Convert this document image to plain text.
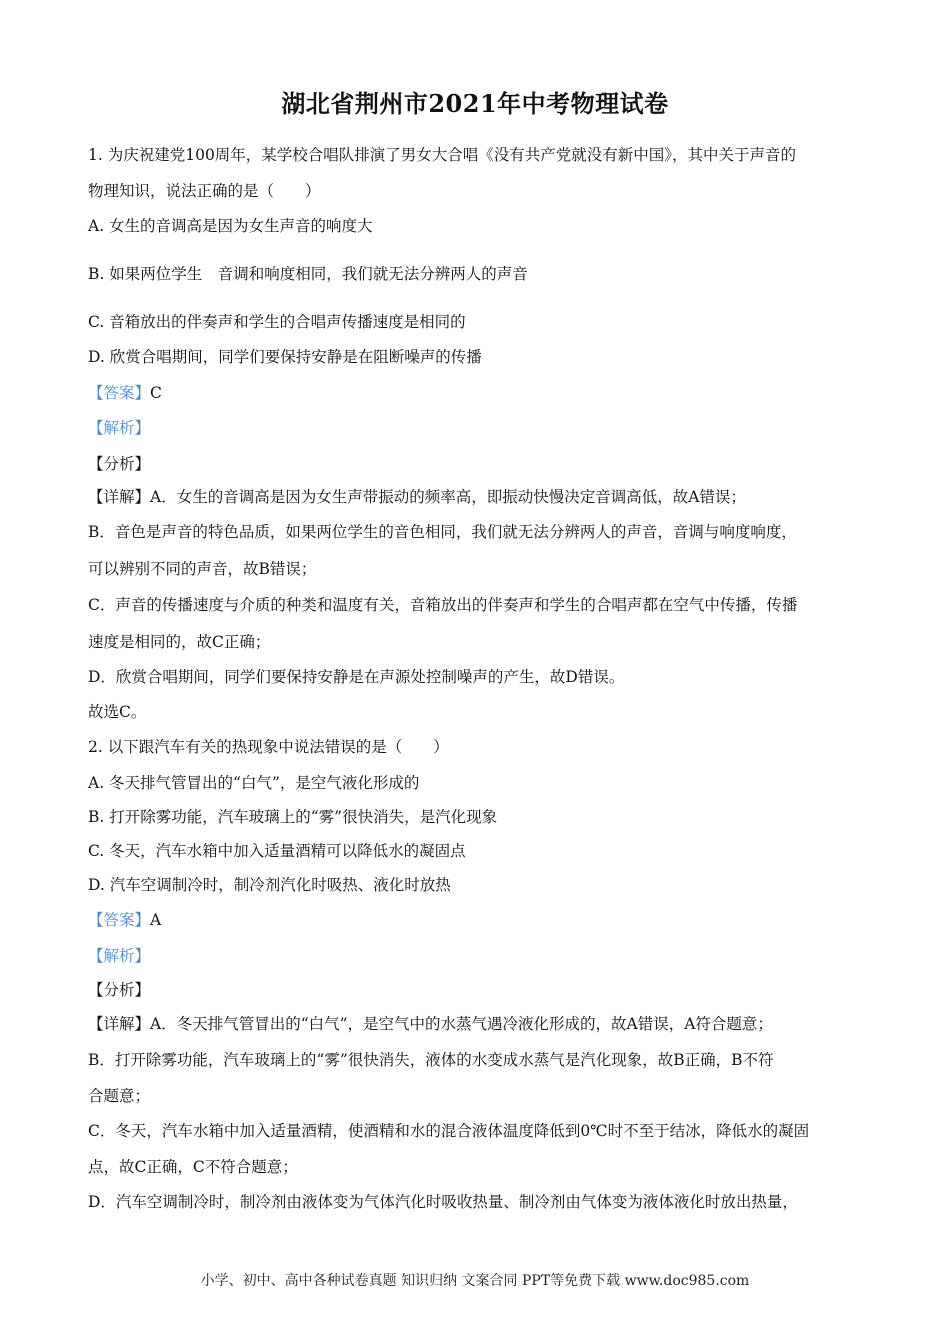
湖北省荆州市2021年中考物理试卷
1. 为庆祝建党100周年，某学校合唱队排演了男女大合唱《没有共产党就没有新中国》，其中关于声音的
物理知识，说法正确的是（　　）
A. 女生的音调高是因为女生声音的响度大
B. 如果两位学生　音调和响度相同，我们就无法分辨两人的声音
C. 音箱放出的伴奏声和学生的合唱声传播速度是相同的
D. 欣赏合唱期间，同学们要保持安静是在阻断噪声的传播
【答案】C
【解析】
【分析】
【详解】A．女生的音调高是因为女生声带振动的频率高，即振动快慢决定音调高低，故A错误；
B．音色是声音的特色品质，如果两位学生的音色相同，我们就无法分辨两人的声音，音调与响度响度，
可以辨别不同的声音，故B错误；
C．声音的传播速度与介质的种类和温度有关，音箱放出的伴奏声和学生的合唱声都在空气中传播，传播
速度是相同的，故C正确；
D．欣赏合唱期间，同学们要保持安静是在声源处控制噪声的产生，故D错误。
故选C。
2. 以下跟汽车有关的热现象中说法错误的是（　　）
A. 冬天排气管冒出的“白气”，是空气液化形成的
B. 打开除雾功能，汽车玻璃上的“雾”很快消失，是汽化现象
C. 冬天，汽车水箱中加入适量酒精可以降低水的凝固点
D. 汽车空调制冷时，制冷剂汽化时吸热、液化时放热
【答案】A
【解析】
【分析】
【详解】A．冬天排气管冒出的“白气”，是空气中的水蒸气遇冷液化形成的，故A错误，A符合题意；
B．打开除雾功能，汽车玻璃上的“雾”很快消失，液体的水变成水蒸气是汽化现象，故B正确，B不符
合题意；
C．冬天，汽车水箱中加入适量酒精，使酒精和水的混合液体温度降低到0℃时不至于结冰，降低水的凝固
点，故C正确，C不符合题意；
D．汽车空调制冷时，制冷剂由液体变为气体汽化时吸收热量、制冷剂由气体变为液体液化时放出热量，
小学、初中、高中各种试卷真题 知识归纳 文案合同 PPT等免费下载 www.doc985.com
